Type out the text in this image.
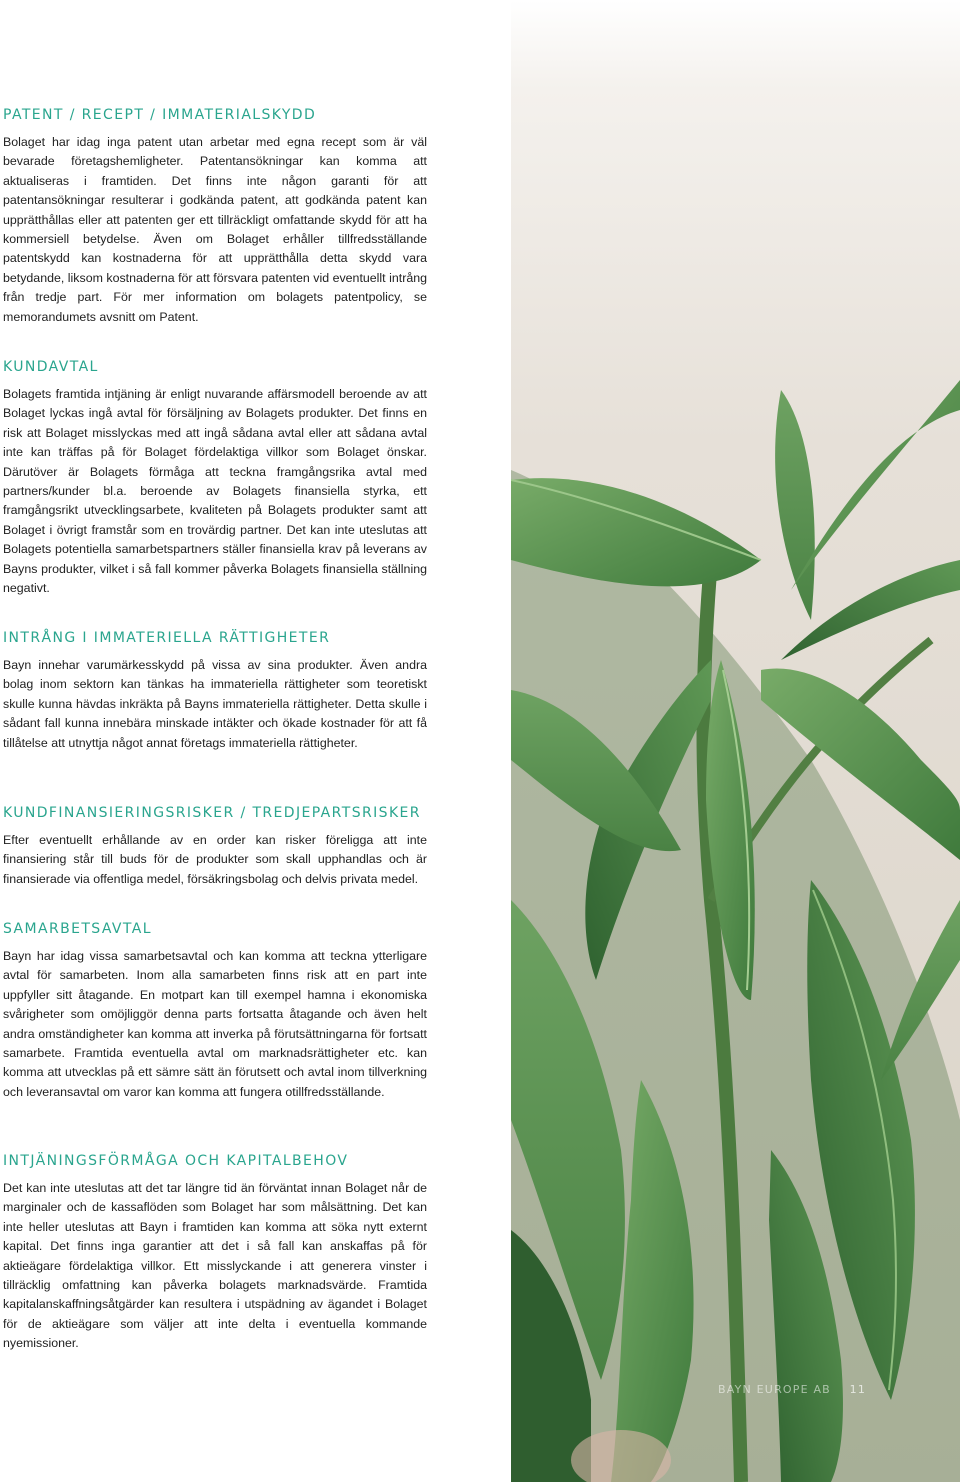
PATENT / RECEPT / IMMATERIALSKYDD

Bolaget har idag inga patent utan arbetar med egna recept som är väl bevarade företagshemligheter. Patentansökningar kan komma att aktualiseras i framtiden. Det finns inte någon garanti för att patentansökningar resulterar i godkända patent, att godkända patent kan upprätthållas eller att patenten ger ett tillräckligt omfattande skydd för att ha kommersiell betydelse. Även om Bolaget erhåller tillfredsställande patentskydd kan kostnaderna för att upprätthålla detta skydd vara betydande, liksom kostnaderna för att försvara patenten vid eventuellt intrång från tredje part. För mer information om bolagets patentpolicy, se memorandumets avsnitt om Patent.

KUNDAVTAL

Bolagets framtida intjäning är enligt nuvarande affärsmodell beroende av att Bolaget lyckas ingå avtal för försäljning av Bolagets produkter. Det finns en risk att Bolaget misslyckas med att ingå sådana avtal eller att sådana avtal inte kan träffas på för Bolaget fördelaktiga villkor som Bolaget önskar. Därutöver är Bolagets förmåga att teckna framgångsrika avtal med partners/kunder bl.a. beroende av Bolagets finansiella styrka, ett framgångsrikt utvecklingsarbete, kvaliteten på Bolagets produkter samt att Bolaget i övrigt framstår som en trovärdig partner. Det kan inte uteslutas att Bolagets potentiella samarbetspartners ställer finansiella krav på leverans av Bayns produkter, vilket i så fall kommer påverka Bolagets finansiella ställning negativt.

INTRÅNG I IMMATERIELLA RÄTTIGHETER

Bayn innehar varumärkesskydd på vissa av sina produkter. Även andra bolag inom sektorn kan tänkas ha immateriella rättigheter som teoretiskt skulle kunna hävdas inkräkta på Bayns immateriella rättigheter. Detta skulle i sådant fall kunna innebära minskade intäkter och ökade kostnader för att få tillåtelse att utnyttja något annat företags immateriella rättigheter.

KUNDFINANSIERINGSRISKER / TREDJEPARTSRISKER

Efter eventuellt erhållande av en order kan risker föreligga att inte finansiering står till buds för de produkter som skall upphandlas och är finansierade via offentliga medel, försäkringsbolag och delvis privata medel.

SAMARBETSAVTAL

Bayn har idag vissa samarbetsavtal och kan komma att teckna ytterligare avtal för samarbeten. Inom alla samarbeten finns risk att en part inte uppfyller sitt åtagande. En motpart kan till exempel hamna i ekonomiska svårigheter som omöjliggör denna parts fortsatta åtagande och även helt andra omständigheter kan komma att inverka på förutsättningarna för fortsatt samarbete. Framtida eventuella avtal om marknadsrättigheter etc. kan komma att utvecklas på ett sämre sätt än förutsett och avtal inom tillverkning och leveransavtal om varor kan komma att fungera otillfredsställande.

INTJÄNINGSFÖRMÅGA OCH KAPITALBEHOV

Det kan inte uteslutas att det tar längre tid än förväntat innan Bolaget når de marginaler och de kassaflöden som Bolaget har som målsättning. Det kan inte heller uteslutas att Bayn i framtiden kan komma att söka nytt externt kapital. Det finns inga garantier att det i så fall kan anskaffas på för aktieägare fördelaktiga villkor. Ett misslyckande i att generera vinster i tillräcklig omfattning kan påverka bolagets marknadsvärde. Framtida kapitalanskaffningsåtgärder kan resultera i utspädning av ägandet i Bolaget för de aktieägare som väljer att inte delta i eventuella kommande nyemissioner.

BAYN EUROPE AB 11
